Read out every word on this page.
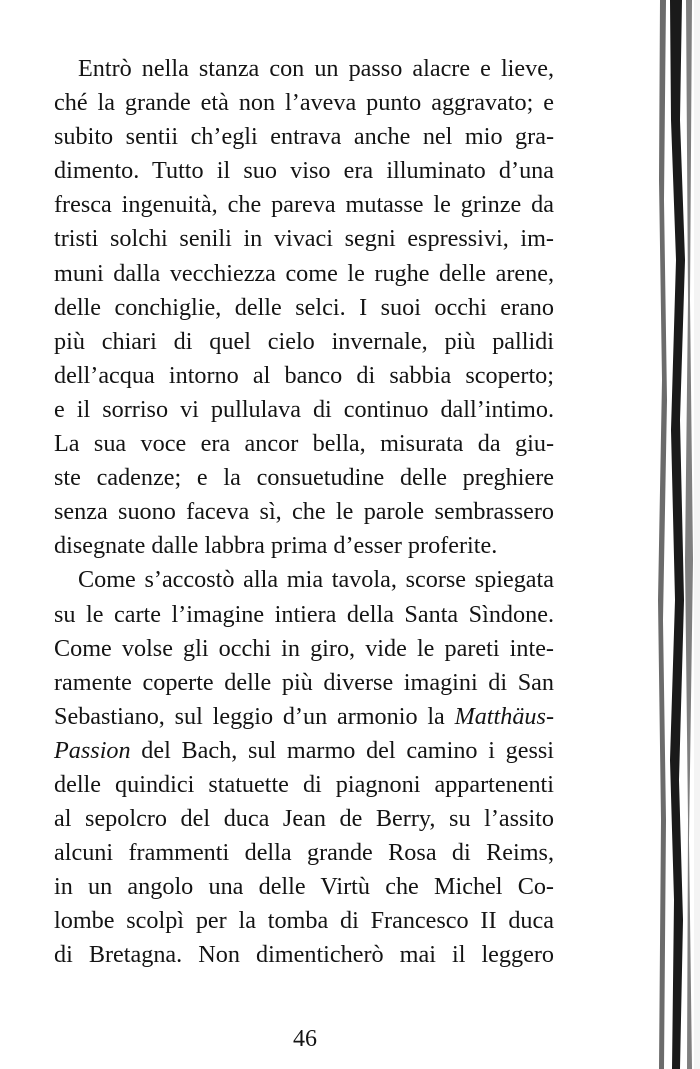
Entrò nella stanza con un passo alacre e lieve,
ché la grande età non l’aveva punto aggravato; e
subito sentii ch’egli entrava anche nel mio gra-
dimento. Tutto il suo viso era illuminato d’una
fresca ingenuità, che pareva mutasse le grinze da
tristi solchi senili in vivaci segni espressivi, im-
muni dalla vecchiezza come le rughe delle arene,
delle conchiglie, delle selci. I suoi occhi erano
più chiari di quel cielo invernale, più pallidi
dell’acqua intorno al banco di sabbia scoperto;
e il sorriso vi pullulava di continuo dall’intimo.
La sua voce era ancor bella, misurata da giu-
ste cadenze; e la consuetudine delle preghiere
senza suono faceva sì, che le parole sembrassero
disegnate dalle labbra prima d’esser proferite.
Come s’accostò alla mia tavola, scorse spiegata
su le carte l’imagine intiera della Santa Sìndone.
Come volse gli occhi in giro, vide le pareti inte-
ramente coperte delle più diverse imagini di San
Sebastiano, sul leggio d’un armonio la Matthäus-
Passion del Bach, sul marmo del camino i gessi
delle quindici statuette di piagnoni appartenenti
al sepolcro del duca Jean de Berry, su l’assito
alcuni frammenti della grande Rosa di Reims,
in un angolo una delle Virtù che Michel Co-
lombe scolpì per la tomba di Francesco II duca
di Bretagna. Non dimenticherò mai il leggero
46
